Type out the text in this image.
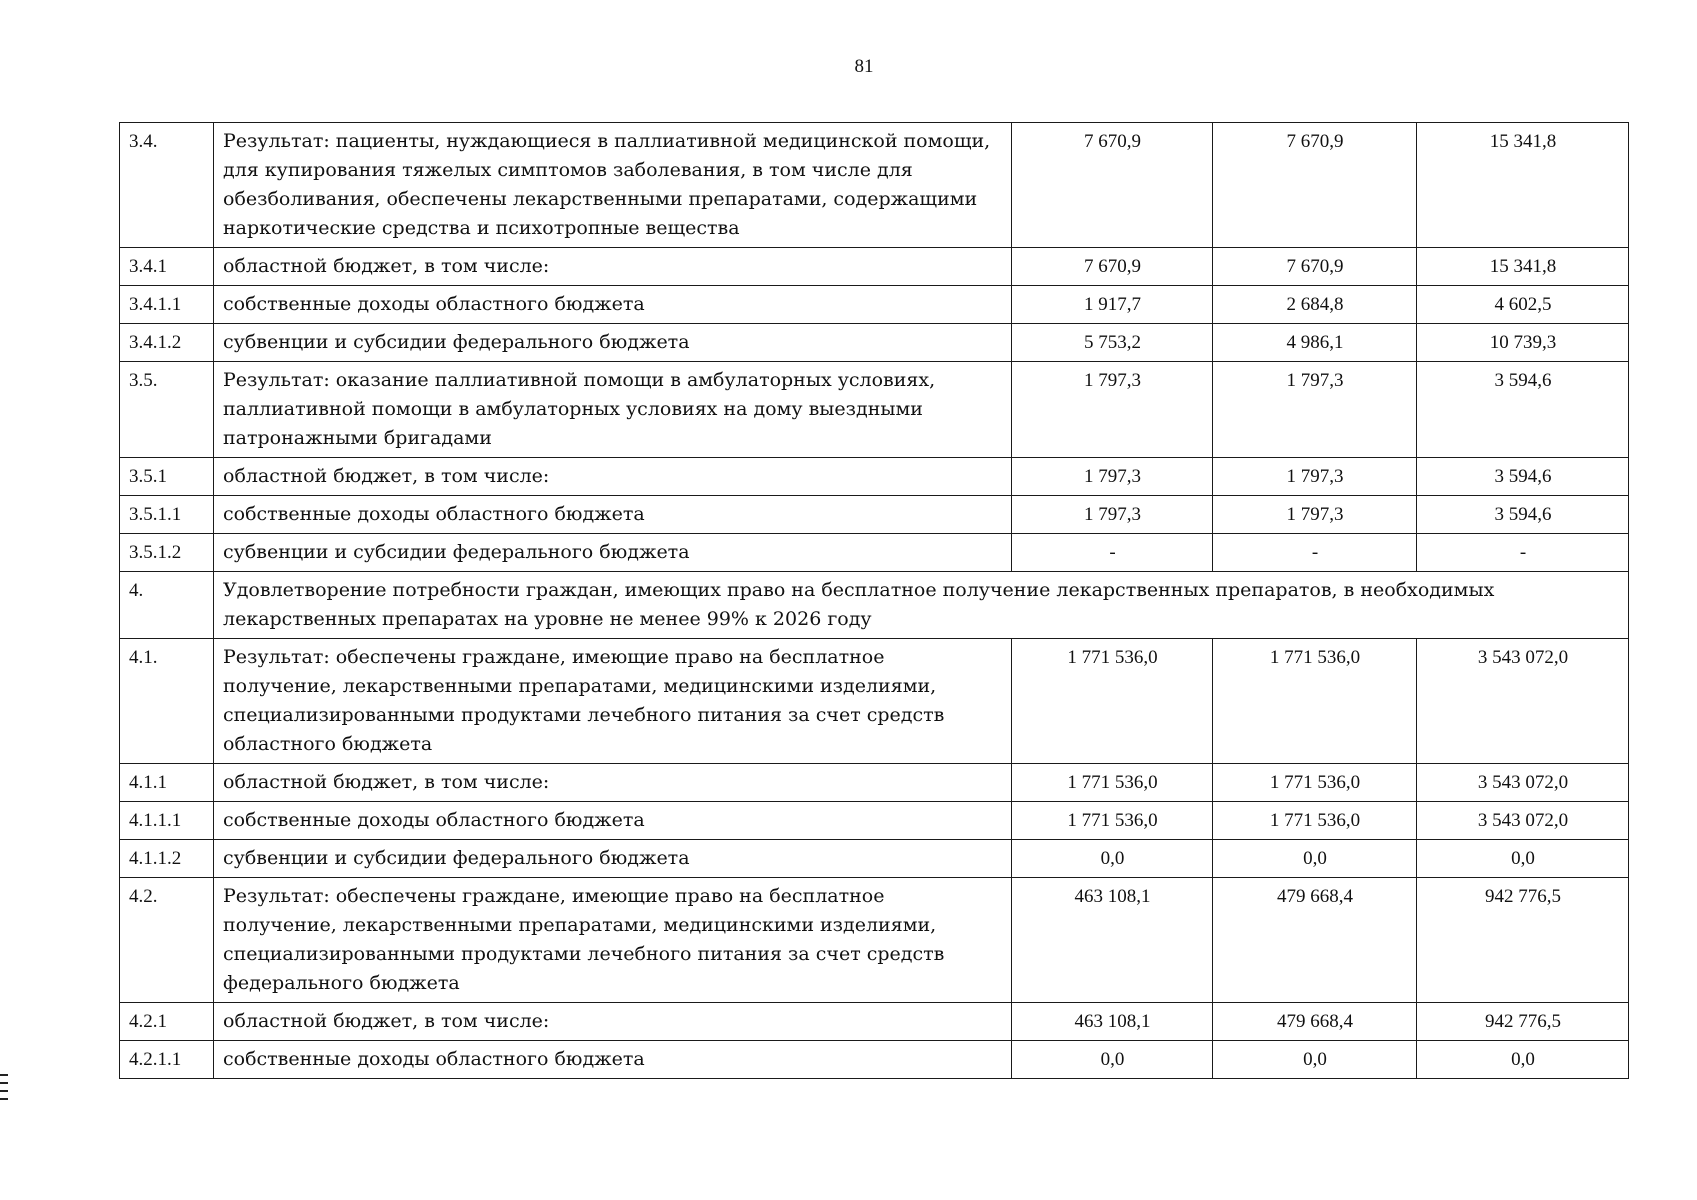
81
3.4.	Результат: пациенты, нуждающиеся в паллиативной медицинской помощи, для купирования тяжелых симптомов заболевания, в том числе для обезболивания, обеспечены лекарственными препаратами, содержащими наркотические средства и психотропные вещества	7 670,9	7 670,9	15 341,8
3.4.1	областной бюджет, в том числе:	7 670,9	7 670,9	15 341,8
3.4.1.1	собственные доходы областного бюджета	1 917,7	2 684,8	4 602,5
3.4.1.2	субвенции и субсидии федерального бюджета	5 753,2	4 986,1	10 739,3
3.5.	Результат: оказание паллиативной помощи в амбулаторных условиях, паллиативной помощи в амбулаторных условиях на дому выездными патронажными бригадами	1 797,3	1 797,3	3 594,6
3.5.1	областной бюджет, в том числе:	1 797,3	1 797,3	3 594,6
3.5.1.1	собственные доходы областного бюджета	1 797,3	1 797,3	3 594,6
3.5.1.2	субвенции и субсидии федерального бюджета	-	-	-
4.	Удовлетворение потребности граждан, имеющих право на бесплатное получение лекарственных препаратов, в необходимых лекарственных препаратах на уровне не менее 99% к 2026 году			
4.1.	Результат: обеспечены граждане, имеющие право на бесплатное получение, лекарственными препаратами, медицинскими изделиями, специализированными продуктами лечебного питания за счет средств областного бюджета	1 771 536,0	1 771 536,0	3 543 072,0
4.1.1	областной бюджет, в том числе:	1 771 536,0	1 771 536,0	3 543 072,0
4.1.1.1	собственные доходы областного бюджета	1 771 536,0	1 771 536,0	3 543 072,0
4.1.1.2	субвенции и субсидии федерального бюджета	0,0	0,0	0,0
4.2.	Результат: обеспечены граждане, имеющие право на бесплатное получение, лекарственными препаратами, медицинскими изделиями, специализированными продуктами лечебного питания за счет средств федерального бюджета	463 108,1	479 668,4	942 776,5
4.2.1	областной бюджет, в том числе:	463 108,1	479 668,4	942 776,5
4.2.1.1	собственные доходы областного бюджета	0,0	0,0	0,0
